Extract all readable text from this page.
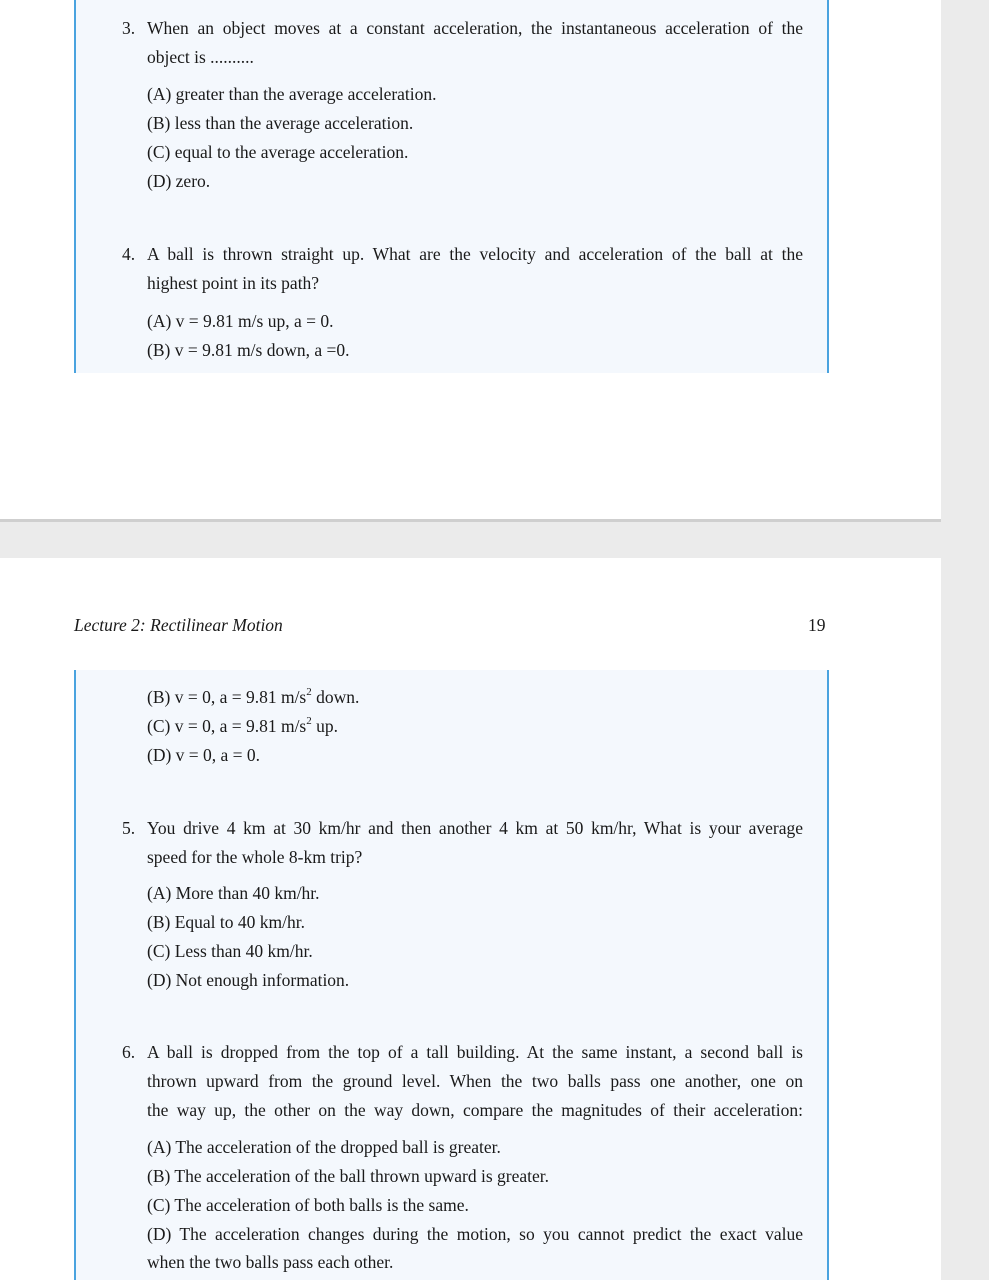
3. When an object moves at a constant acceleration, the instantaneous acceleration of the
object is ..........
(A) greater than the average acceleration.
(B) less than the average acceleration.
(C) equal to the average acceleration.
(D) zero.
4. A ball is thrown straight up. What are the velocity and acceleration of the ball at the
highest point in its path?
(A) v = 9.81 m/s up, a = 0.
(B) v = 9.81 m/s down, a =0.
Lecture 2: Rectilinear Motion	19
(B) v = 0, a = 9.81 $m/s^2$ down.
(C) v = 0, a = 9.81 $m/s^2$ up.
(D) v = 0, a = 0.
5. You drive 4 km at 30 km/hr and then another 4 km at 50 km/hr, What is your average
speed for the whole 8-km trip?
(A) More than 40 km/hr.
(B) Equal to 40 km/hr.
(C) Less than 40 km/hr.
(D) Not enough information.
6. A ball is dropped from the top of a tall building. At the same instant, a second ball is
thrown upward from the ground level. When the two balls pass one another, one on
the way up, the other on the way down, compare the magnitudes of their acceleration:
(A) The acceleration of the dropped ball is greater.
(B) The acceleration of the ball thrown upward is greater.
(C) The acceleration of both balls is the same.
(D) The acceleration changes during the motion, so you cannot predict the exact value
when the two balls pass each other.
